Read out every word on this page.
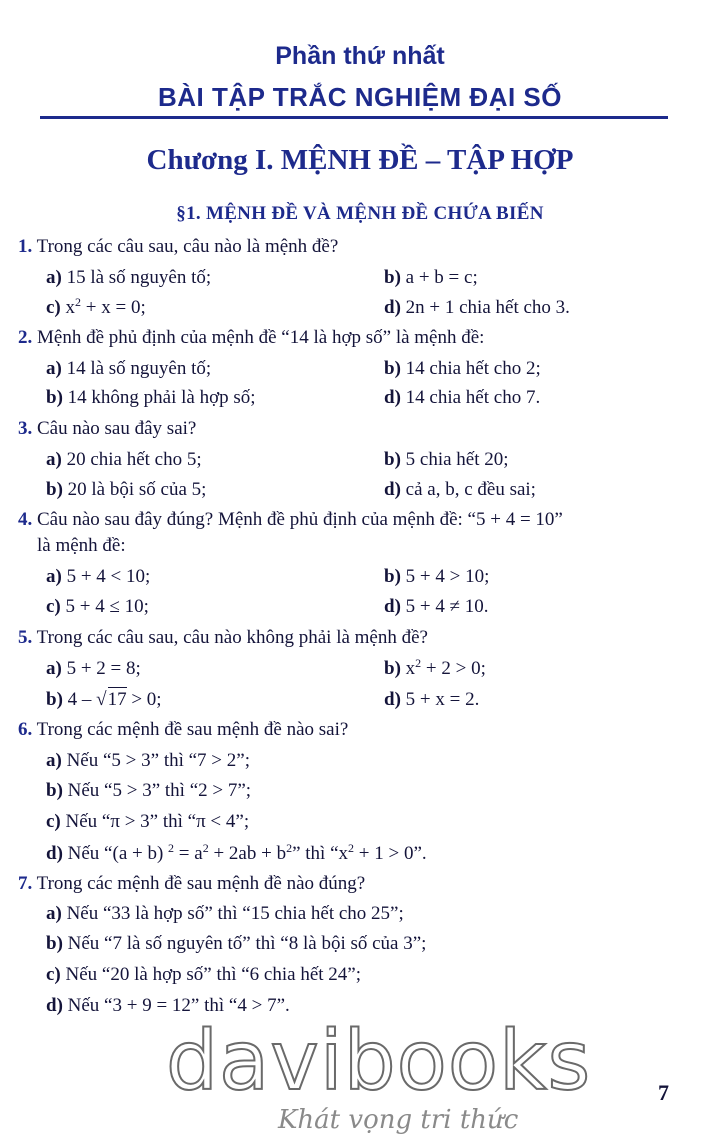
Phần thứ nhất
BÀI TẬP TRẮC NGHIỆM ĐẠI SỐ
Chương I. MỆNH ĐỀ – TẬP HỢP
§1. MỆNH ĐỀ VÀ MỆNH ĐỀ CHỨA BIẾN
1. Trong các câu sau, câu nào là mệnh đề?
a) 15 là số nguyên tố;	b) a + b = c;
c) $x^2 + x = 0$;	d) 2n + 1 chia hết cho 3.
2. Mệnh đề phủ định của mệnh đề “14 là hợp số” là mệnh đề:
a) 14 là số nguyên tố;	b) 14 chia hết cho 2;
b) 14 không phải là hợp số;	d) 14 chia hết cho 7.
3. Câu nào sau đây sai?
a) 20 chia hết cho 5;	b) 5 chia hết 20;
b) 20 là bội số của 5;	d) cả a, b, c đều sai;
4. Câu nào sau đây đúng? Mệnh đề phủ định của mệnh đề: “5 + 4 = 10”
là mệnh đề:
a) 5 + 4 < 10;	b) 5 + 4 > 10;
c) 5 + 4 ≤ 10;	d) 5 + 4 ≠ 10.
5. Trong các câu sau, câu nào không phải là mệnh đề?
a) 5 + 2 = 8;	b) $x^2 + 2 > 0$;
b) 4 – √17 > 0;	d) 5 + x = 2.
6. Trong các mệnh đề sau mệnh đề nào sai?
a) Nếu “5 > 3” thì “7 > 2”;
b) Nếu “5 > 3” thì “2 > 7”;
c) Nếu “π > 3” thì “π < 4”;
d) Nếu “(a + b) $^2 = a^2 + 2ab + b^2$” thì “$x^2 + 1 > 0$”.
7. Trong các mệnh đề sau mệnh đề nào đúng?
a) Nếu “33 là hợp số” thì “15 chia hết cho 25”;
b) Nếu “7 là số nguyên tố” thì “8 là bội số của 3”;
c) Nếu “20 là hợp số” thì “6 chia hết 24”;
d) Nếu “3 + 9 = 12” thì “4 > 7”.
davibooks
Khát vọng tri thức
7
